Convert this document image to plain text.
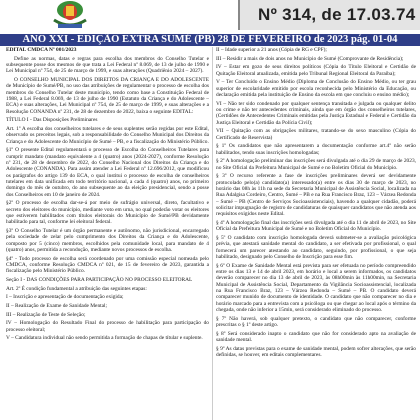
Nº 314, de 17.03.74
ANO XXI - EDIÇÃO EXTRA SUMÉ (PB) 28 DE FEVEREIRO de 2023 pág. 01-04

EDITAL CMDCA Nº 001/2023

Define as normas, datas e regras para escolha dos membros do Conselho Tutelar e subsequente posse dos mesmos de que trata a Lei Federal nº 8.069, de 13 de julho de 1990 e Lei Municipal nº 754, de 25 de março de 1999, e suas alterações (Quadriênio 2024 – 2027).

O CONSELHO MUNICIPAL DOS DIREITOS DA CRIANÇA E DO ADOLESCENTE de Município de Sumé/PB, no uso das atribuições de regulamentar o processo de escolha dos membros do Conselho Tutelar deste município, tendo como base a Constituição Federal de 1988, a Lei Federal 8.069, de 13 de julho de 1990 (Estatuto da Criança e do Adolescente – ECA) e suas alterações, Lei Municipal nº 754, de 25 de março de 1999, e suas alterações e a Resolução CONANDA nº 231, de 28 de dezembro de 2022, baixa o seguinte EDITAL:

TÍTULO I - Das Disposições Preliminares

Art. 1º A escolha dos conselheiros tutelares e de seus suplentes serão regidas por este Edital, observado os preceitos legais, sob a responsabilidade do Conselho Municipal dos Direitos da Criança e do Adolescente do Município de Sumé – PB, e a fiscalização do Ministério Público.

§1º O presente Edital regulamentará o processo de Escolha do Conselheiros Tutelares para cumprir mandato (mandato equivalente a 4 (quatro) anos (2024-2027), conforme Resolução nº 231, de 28 de dezembro de 2022, do Conselho Nacional dos Direitos da Criança e do Adolescente (CONANDA). Para assim atender a Lei Federal nº 12.696/2012, que modificou os parágrafos do artigo 139 do ECA, o qual institui o processo de escolha de conselheiros tutelares em data unificada em todo território nacional, a cada 4 (quatro) anos, no primeiro domingo do mês de outubro, do ano subsequente ao da eleição presidencial, sendo a posse dos Conselheiros em 10 de janeiro de 2024.

§2º O processo de escolha dar-se-á por meio de sufrágio universal, direto, facultativo e secreto dos eleitores do município, mediante voto em urna, no qual poderão votar os eleitores que estiverem habilitados com títulos eleitorais do Município de Sumé/PB devidamente habilitado para tal, conforme lei eleitoral federal.

§3º O Conselho Tutelar é um órgão permanente e autônomo, não jurisdicional, encarregado pela sociedade de zelar pelo cumprimento dos Direitos da Criança e do Adolescente, composto por 5 (cinco) membros, escolhidos pela comunidade local, para mandato de 4 (quatro) anos, permitida a recondução, mediante novos processos de escolha.

§4º - Todo processo de escolha será coordenado por uma comissão especial nomeada pelo CMDCA, conforme Resolução CMDCA nº 021, de 15 de fevereiro de 2023, garantida a fiscalização pelo Ministério Público.

Seção I - DAS CONDIÇÕES PARA PARTICIPAÇÃO NO PROCESSO ELEITORAL

Art. 2º É condição fundamental a atribuição das seguintes etapas:

I – Inscrição e apresentação de documentação exigida;

II – Realização de Exame de Sanidade Mental;

III – Realização de Teste de Seleção;

IV – Homologação do Resultado Final do processo de habilitação para participação do processo eleitoral;

V – Candidatura individual não sendo permitida a formação de chapas de títular e suplente.

II – Idade superior a 21 anos (Cópia de RG e CPF);

III – Residir a mais de dois anos no Município de Sumé (Comprovante de Residência);

IV – Estar em gozo de seus direitos políticos (Cópia do Título Eleitoral e Certidão de Quitação Eleitoral atualizada, emitida pelo Tribunal Regional Eleitoral da Paraíba);

V – Ter Concluído o Ensino Médio (Diploma de Conclusão do Ensino Médio, ou ter grau superior de escolaridade emitido por escola reconhecida pelo Ministério da Educação, ou declaração emitida pela instituição de Ensino da escola em que concluiu o ensino médio);

VI – Não ter sido condenado por qualquer sentença transitada e julgada ou qualquer delito ou crime e não ter antecedentes criminais, ainda que em órgão dos conselheiros tutelares, (Certidões de Antecedentes Criminais emitidas pela Justiça Estadual e Federal e Certidão da Justiça Eleitoral e Certidão da Polícia Civil);

VII – Quitação com as obrigações militares, tratando-se do sexo masculino (Cópia do Certificado de Reservista)

§ 1º Os candidatos que não apresentarem a documentação conforme art.4º não serão habilitados, tendo suas inscrições homologadas;

§ 2º A homologação preliminar das inscrições será divulgada até o dia 29 de março de 2023, no Site Oficial da Prefeitura Municipal de Sumé e no Boletim Oficial do Município.

§ 3º O recurso referente a fase de inscrições preliminares deverá ser devidamente protocolado pelo(a) candidato(a) interessado(a) entre os dias 30 de março de 2023, no horário das 08h às 11h na sede da Secretaria Municipal de Assistência Social, localizada na Rua Adalgisa Cordeiro, Centro, Sumé – PB e na Rua Francisco Braz, 123 – Várzea Redonda – Sumé – PB (Centro de Serviços Socioassistenciais), havendo a qualquer cidadão, poderá solicitar impugnação de registro de candidaturas de quaisquer candidatos que não atenda aos requisitos exigidos neste Edital.

§ 4º A homologação final das inscrições será divulgada até o dia 11 de abril de 2023, no Site Oficial da Prefeitura Municipal de Sumé e no Boletim Oficial do Município.

§ 5º O candidato com inscrição homologada deverá submeter-se a avaliação psicológica prévia, que atestará sanidade mental do candidato, a ser efetivada por profissional, o qual fornecerá um parecer atestando ao candidato, seguindo, por profissional, o que seja habilitado, designado pelo Conselho de Inscrição para esse fim.

§ 6º O Exame de Sanidade Mental está prevista para ser efetuada no período compreendido entre os dias 13 e 14 de abril 2023, em horário e local a serem informados, os candidatos deverão comparecer no dia 13 de abril de 2023, às 08h00min às 11h00min, na Secretaria Municipal de Assistência Social, Departamento da Vigilância Socioassistencial, localizada na Rua Francisco Braz, 123 – Várzea Redonda – Sumé – PB. O candidato deverá comparecer munido de documento de identidade. O candidato que não comparecer no dia e horário marcado para a entrevista com a psicóloga ou que chegar ao local após o término da chegada, onde não inferior a 15min, será considerado eliminado do processo.

§ 7º Não haverá, sob qualquer pretexto, o candidato que não comparecer, conforme prescritas o § 1º deste artigo.

§ 8º Será considerado inapto o candidato que não for considerado apto na avaliação de sanidade mental.

§ 9º As datas previstas para o exame de sanidade mental, podem sofrer alterações, que serão definidas, se houver, em editais complementares.
